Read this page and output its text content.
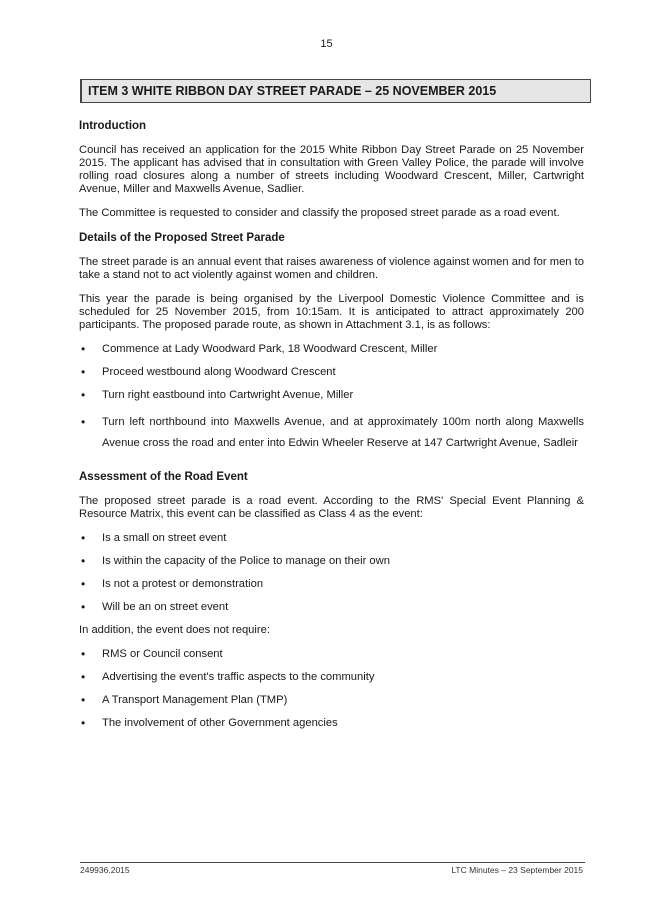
15
ITEM 3 WHITE RIBBON DAY STREET PARADE – 25 NOVEMBER 2015
Introduction

Council has received an application for the 2015 White Ribbon Day Street Parade on 25 November 2015. The applicant has advised that in consultation with Green Valley Police, the parade will involve rolling road closures along a number of streets including Woodward Crescent, Miller, Cartwright Avenue, Miller and Maxwells Avenue, Sadlier.

The Committee is requested to consider and classify the proposed street parade as a road event.

Details of the Proposed Street Parade

The street parade is an annual event that raises awareness of violence against women and for men to take a stand not to act violently against women and children.

This year the parade is being organised by the Liverpool Domestic Violence Committee and is scheduled for 25 November 2015, from 10:15am. It is anticipated to attract approximately 200 participants. The proposed parade route, as shown in Attachment 3.1, is as follows:

• Commence at Lady Woodward Park, 18 Woodward Crescent, Miller
• Proceed westbound along Woodward Crescent
• Turn right eastbound into Cartwright Avenue, Miller
• Turn left northbound into Maxwells Avenue, and at approximately 100m north along Maxwells Avenue cross the road and enter into Edwin Wheeler Reserve at 147 Cartwright Avenue, Sadleir
Assessment of the Road Event

The proposed street parade is a road event. According to the RMS' Special Event Planning & Resource Matrix, this event can be classified as Class 4 as the event:

• Is a small on street event
• Is within the capacity of the Police to manage on their own
• Is not a protest or demonstration
• Will be an on street event

In addition, the event does not require:

• RMS or Council consent
• Advertising the event's traffic aspects to the community
• A Transport Management Plan (TMP)
• The involvement of other Government agencies
249936.2015	LTC Minutes – 23 September 2015
